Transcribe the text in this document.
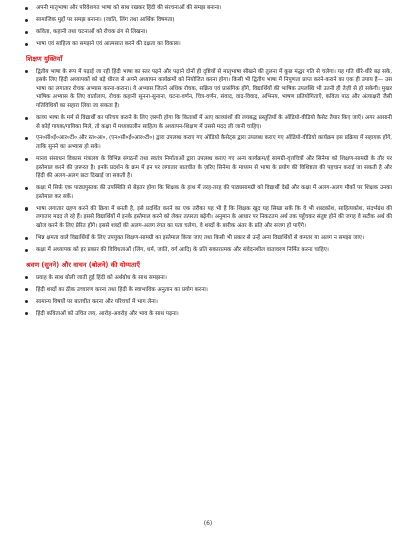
अपनी मातृभाषा और परिवेशगत भाषा को साथ रखकर हिंदी की संरचनाओं की समझ बनाना।
सामाजिक मुद्दों पर समझ बनाना। (जाति, लिंग तथा आर्थिक विषमता)
कविता, कहानी तथा घटनाओं को रोचक ढंग से लिखना।
भाषा एवं साहित्य का समझने एवं आत्मसात करने की दक्षता का विकास।
शिक्षण युक्तियाँ
द्वितीय भाषा के रूप में पढ़ाई जा रही हिंदी भाषा का स्तर पढ़ने और पढ़ाने दोनों ही दृष्टियों से मातृभाषा सीखने की तुलना में कुछ मंद्धर गति से चलेगा। यह गति धीरे-धीरे बढ़ सके, इसके लिए हिंदी अध्यापकों को बड़े धीरज से अपने अध्यापन कार्यक्रमों को नियोजित करना होगा। किसी भी द्वितीय भाषा में निपुणता प्राप्त करने-कराने का एक ही उपाय है— उस भाषा का लगातार रोचक अभ्यास करना-कराना। ये अभ्यास जितने अधिक रोचक, सक्रिय एवं प्रासंगिक होंगे, विद्यार्थियों की भाषिक उपलब्धि भी उतनी ही तेज़ी से हो सकेगी। मुखर भाषिक अभ्यास के लिए वार्तालाप, रोचक कहानी सुनना-सुनाना, घटना-वर्णन, चित्र-वर्णन, संवाद, वाद-विवाद, अभिनय, भाषण प्रतियोगिताएँ, कविता पाठ और अंत्याक्षरी जैसी गतिविधियों का सहारा लिया जा सकता है।
काव्य भाषा के मर्म से विद्यार्थी का परिचय कराने के लिए ज़रूरी होगा कि किताबों में आए काव्यांशों की लयबद्ध प्रस्तुतियों के ऑडियो-वीडियो कैसेट तैयार किए जाएँ। अगर आसानी से कोई गायक/गायिका मिले, तो कक्षा में मध्यकालीन साहित्य के अध्यापन-शिक्षण में उससे मदद ली जानी चाहिए।
एन०सी०ई०आर०टी० और स्त०आ०, (एन०सी०ई०आर०टी०) द्वारा उपलब्ध कराए गए ऑडियो कैसेट्स द्वारा उपलब्ध कराए गए ऑडियो-वीडियो कार्यक्रम इस प्रक्रिया में सहायक होंगे, ताकि सुनने का अभ्यास हो सके।
मानव संसाधन विकास मंत्रालय के विभिन्न संगठनों तथा स्वतंत्र निर्माताओं द्वारा उपलब्ध कराए गए अन्य कार्यक्रम/ई सामग्री-वृत्तचित्रों और सिनेमा को शिक्षण-सामग्री के तौर पर इस्तेमाल करने की ज़रूरत है। इनके प्रदर्शन के क्रम में इन पर लगातार बातचीत के ज़रिए सिनेमा के माध्यम से भाषा के प्रयोग की विशिष्टता की पहचान कराई जा सकती है और हिंदी की अलग-अलग छटा दिखाई जा सकती है।
कक्षा में सिर्फ़ एक पाठ्यपुस्तक की उपस्थिति से बेहतर होगा कि शिक्षक के हाथ में तरह-तरह की पाठ्यसामग्री को विद्यार्थी देखें और कक्षा में अलग-अलग मौकों पर शिक्षक उनका इस्तेमाल कर सकें।
भाषा लगातार ग्रहण करने की क्रिया में बनती है, इसे प्रदर्शित करने का एक तरीका यह भी है कि शिक्षक खुद यह सिखा सकें कि वे भी शब्दकोश, साहित्यकोश, संदर्भग्रंथ की लगातार मदद ले रहे हैं। इससे विद्यार्थियों में इनके इस्तेमाल करने को लेकर तत्परता बढ़ेगी। अनुमान के आधार पर निकटतम अर्थ तक पहुँचकर संतुष्ट होने की जगह वे सटीक अर्थ की खोज करने के लिए प्रेरित होंगे। इससे शब्दों की अलग-अलग रंगत का पता चलेगा, वे शब्दों के बारीक अंतर के प्रति और सजग हो पाएँगे।
भिन्न क्षमता वाले विद्यार्थियों के लिए उपयुक्त शिक्षण-सामग्री का इस्तेमाल किया जाए तथा किसी भी प्रकार से उन्हें अन्य विद्यार्थियों से कमतर या अलग न समझा जाए।
कक्षा में अध्यापक को हर प्रकार की विविधताओं (लिंग, धर्म, जाति, वर्ग आदि) के प्रति सकारात्मक और संवेदनशील वातावरण निर्मित करना चाहिए।
श्रवण (सुनने) और वाचन (बोलने) की योग्यताएँ
प्रवाह के साथ बोली जाती हुई हिंदी को अर्थबोध के साथ समझना।
हिंदी शब्दों का ठीक उच्चारण करना तथा हिंदी के स्वाभाविक अनुतान का प्रयोग करना।
सामान्य विषयों पर बातचीत करना और परिचर्चा में भाग लेना।
हिंदी कविताओं को उचित लय, आरोह-अवरोह और भाव के साथ पढ़ना।
(6)
